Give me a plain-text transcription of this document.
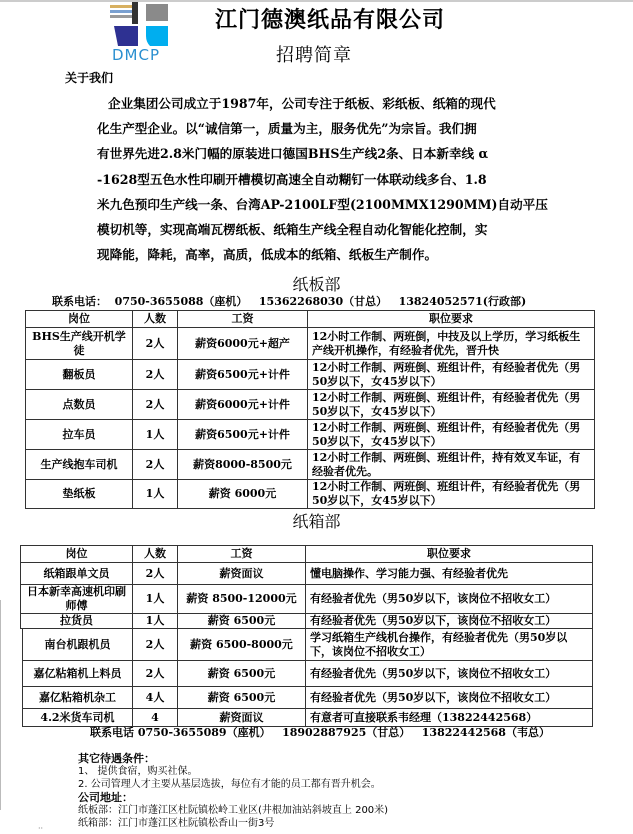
DMCP
江门德澳纸品有限公司
招聘简章
关于我们

企业集团公司成立于1987年，公司专注于纸板、彩纸板、纸箱的现代

化生产型企业。以“诚信第一，质量为主，服务优先”为宗旨。我们拥

有世界先进2.8米门幅的原装进口德国BHS生产线2条、日本新幸线 α

-1628型五色水性印刷开槽模切高速全自动糊钉一体联动线多台、1.8

米九色预印生产线一条、台湾AP-2100LF型(2100MMX1290MM)自动平压

模切机等，实现高端瓦楞纸板、纸箱生产线全程自动化智能化控制，实

现降能，降耗，高率，高质，低成本的纸箱、纸板生产制作。

纸板部
联系电话：  0750-3655088（座机）   15362268030（甘总）   13824052571(行政部)
岗位	人数	工资	职位要求
BHS生产线开机学徒	2人	薪资6000元+超产	12小时工作制、两班倒，中技及以上学历，学习纸板生产线开机操作，有经验者优先，晋升快
翻板员	2人	薪资6500元+计件	12小时工作制、两班倒、班组计件，有经验者优先（男50岁以下，女45岁以下）
点数员	2人	薪资6000元+计件	12小时工作制、两班倒、班组计件，有经验者优先（男50岁以下，女45岁以下）
拉车员	1人	薪资6500元+计件	12小时工作制、两班倒、班组计件，有经验者优先（男50岁以下，女45岁以下）
生产线抱车司机	2人	薪资8000-8500元	12小时工作制、两班倒、班组计件，持有效叉车证，有经验者优先。
垫纸板	1人	薪资 6000元	12小时工作制、两班倒、班组计件，有经验者优先（男50岁以下，女45岁以下）
纸箱部
岗位	人数	工资	职位要求
纸箱跟单文员	2人	薪资面议	懂电脑操作、学习能力强、有经验者优先
日本新幸高速机印刷师傅	1人	薪资 8500-12000元	有经验者优先（男50岁以下，该岗位不招收女工）
拉货员	1人	薪资 6500元	有经验者优先（男50岁以下，该岗位不招收女工）
南台机跟机员	2人	薪资 6500-8000元	学习纸箱生产线机台操作，有经验者优先（男50岁以下，该岗位不招收女工）
嘉亿粘箱机上料员	2人	薪资 6500元	有经验者优先（男50岁以下，该岗位不招收女工）
嘉亿粘箱机杂工	4人	薪资 6500元	有经验者优先（男50岁以下，该岗位不招收女工）
4.2米货车司机	4	薪资面议	有意者可直接联系韦经理（13822442568）
联系电话 0750-3655089（座机）   18902887925（甘总）   13822442568（韦总）
其它待遇条件：
1、 提供食宿，购买社保。
2. 公司管理人才主要从基层选拔，每位有才能的员工都有晋升机会。
公司地址：
纸板部：江门市蓬江区杜阮镇松岭工业区(井根加油站斜坡直上 200米)
纸箱部：江门市蓬江区杜阮镇松香山一街3号
··
